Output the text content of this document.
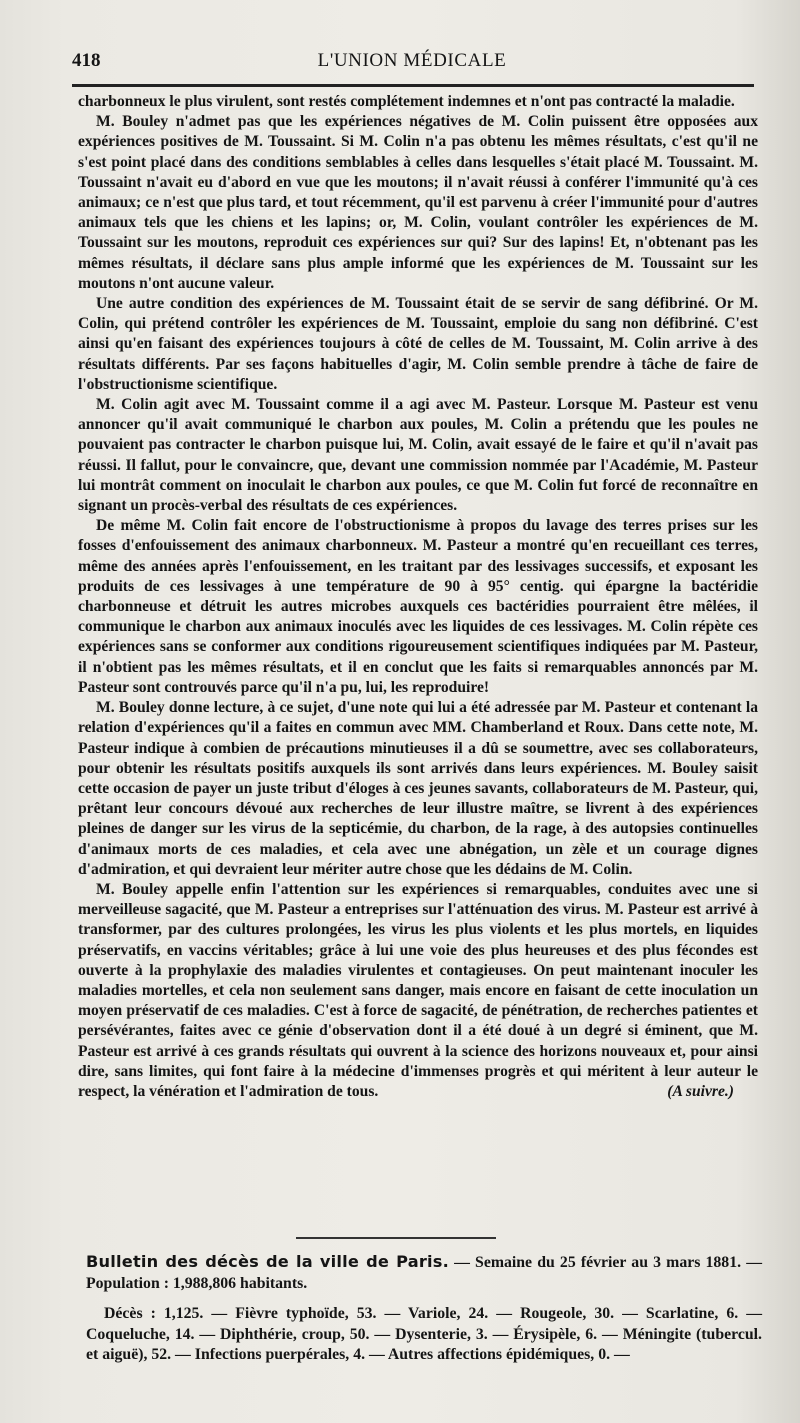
418	L'UNION MÉDICALE

charbonneux le plus virulent, sont restés complétement indemnes et n'ont pas contracté la maladie.

M. Bouley n'admet pas que les expériences négatives de M. Colin puissent être opposées aux expériences positives de M. Toussaint. Si M. Colin n'a pas obtenu les mêmes résultats, c'est qu'il ne s'est point placé dans des conditions semblables à celles dans lesquelles s'était placé M. Toussaint. M. Toussaint n'avait eu d'abord en vue que les moutons; il n'avait réussi à conférer l'immunité qu'à ces animaux; ce n'est que plus tard, et tout récemment, qu'il est parvenu à créer l'immunité pour d'autres animaux tels que les chiens et les lapins; or, M. Colin, voulant contrôler les expériences de M. Toussaint sur les moutons, reproduit ces expériences sur qui? Sur des lapins! Et, n'obtenant pas les mêmes résultats, il déclare sans plus ample informé que les expériences de M. Toussaint sur les moutons n'ont aucune valeur.

Une autre condition des expériences de M. Toussaint était de se servir de sang défibriné. Or M. Colin, qui prétend contrôler les expériences de M. Toussaint, emploie du sang non défibriné. C'est ainsi qu'en faisant des expériences toujours à côté de celles de M. Toussaint, M. Colin arrive à des résultats différents. Par ses façons habituelles d'agir, M. Colin semble prendre à tâche de faire de l'obstructionisme scientifique.

M. Colin agit avec M. Toussaint comme il a agi avec M. Pasteur. Lorsque M. Pasteur est venu annoncer qu'il avait communiqué le charbon aux poules, M. Colin a prétendu que les poules ne pouvaient pas contracter le charbon puisque lui, M. Colin, avait essayé de le faire et qu'il n'avait pas réussi. Il fallut, pour le convaincre, que, devant une commission nommée par l'Académie, M. Pasteur lui montrât comment on inoculait le charbon aux poules, ce que M. Colin fut forcé de reconnaître en signant un procès-verbal des résultats de ces expériences.

De même M. Colin fait encore de l'obstructionisme à propos du lavage des terres prises sur les fosses d'enfouissement des animaux charbonneux. M. Pasteur a montré qu'en recueillant ces terres, même des années après l'enfouissement, en les traitant par des lessivages successifs, et exposant les produits de ces lessivages à une température de 90 à 95° centig. qui épargne la bactéridie charbonneuse et détruit les autres microbes auxquels ces bactéridies pourraient être mêlées, il communique le charbon aux animaux inoculés avec les liquides de ces lessivages. M. Colin répète ces expériences sans se conformer aux conditions rigoureusement scientifiques indiquées par M. Pasteur, il n'obtient pas les mêmes résultats, et il en conclut que les faits si remarquables annoncés par M. Pasteur sont controuvés parce qu'il n'a pu, lui, les reproduire!

M. Bouley donne lecture, à ce sujet, d'une note qui lui a été adressée par M. Pasteur et contenant la relation d'expériences qu'il a faites en commun avec MM. Chamberland et Roux. Dans cette note, M. Pasteur indique à combien de précautions minutieuses il a dû se soumettre, avec ses collaborateurs, pour obtenir les résultats positifs auxquels ils sont arrivés dans leurs expériences. M. Bouley saisit cette occasion de payer un juste tribut d'éloges à ces jeunes savants, collaborateurs de M. Pasteur, qui, prêtant leur concours dévoué aux recherches de leur illustre maître, se livrent à des expériences pleines de danger sur les virus de la septicémie, du charbon, de la rage, à des autopsies continuelles d'animaux morts de ces maladies, et cela avec une abnégation, un zèle et un courage dignes d'admiration, et qui devraient leur mériter autre chose que les dédains de M. Colin.

M. Bouley appelle enfin l'attention sur les expériences si remarquables, conduites avec une si merveilleuse sagacité, que M. Pasteur a entreprises sur l'atténuation des virus. M. Pasteur est arrivé à transformer, par des cultures prolongées, les virus les plus violents et les plus mortels, en liquides préservatifs, en vaccins véritables; grâce à lui une voie des plus heureuses et des plus fécondes est ouverte à la prophylaxie des maladies virulentes et contagieuses. On peut maintenant inoculer les maladies mortelles, et cela non seulement sans danger, mais encore en faisant de cette inoculation un moyen préservatif de ces maladies. C'est à force de sagacité, de pénétration, de recherches patientes et persévérantes, faites avec ce génie d'observation dont il a été doué à un degré si éminent, que M. Pasteur est arrivé à ces grands résultats qui ouvrent à la science des horizons nouveaux et, pour ainsi dire, sans limites, qui font faire à la médecine d'immenses progrès et qui méritent à leur auteur le respect, la vénération et l'admiration de tous.	(A suivre.)

Bulletin des décès de la ville de Paris. — Semaine du 25 février au 3 mars 1881. — Population : 1,988,806 habitants.

Décès : 1,125. — Fièvre typhoïde, 53. — Variole, 24. — Rougeole, 30. — Scarlatine, 6. — Coqueluche, 14. — Diphthérie, croup, 50. — Dysenterie, 3. — Érysipèle, 6. — Méningite (tubercul. et aiguë), 52. — Infections puerpérales, 4. — Autres affections épidémiques, 0. —
